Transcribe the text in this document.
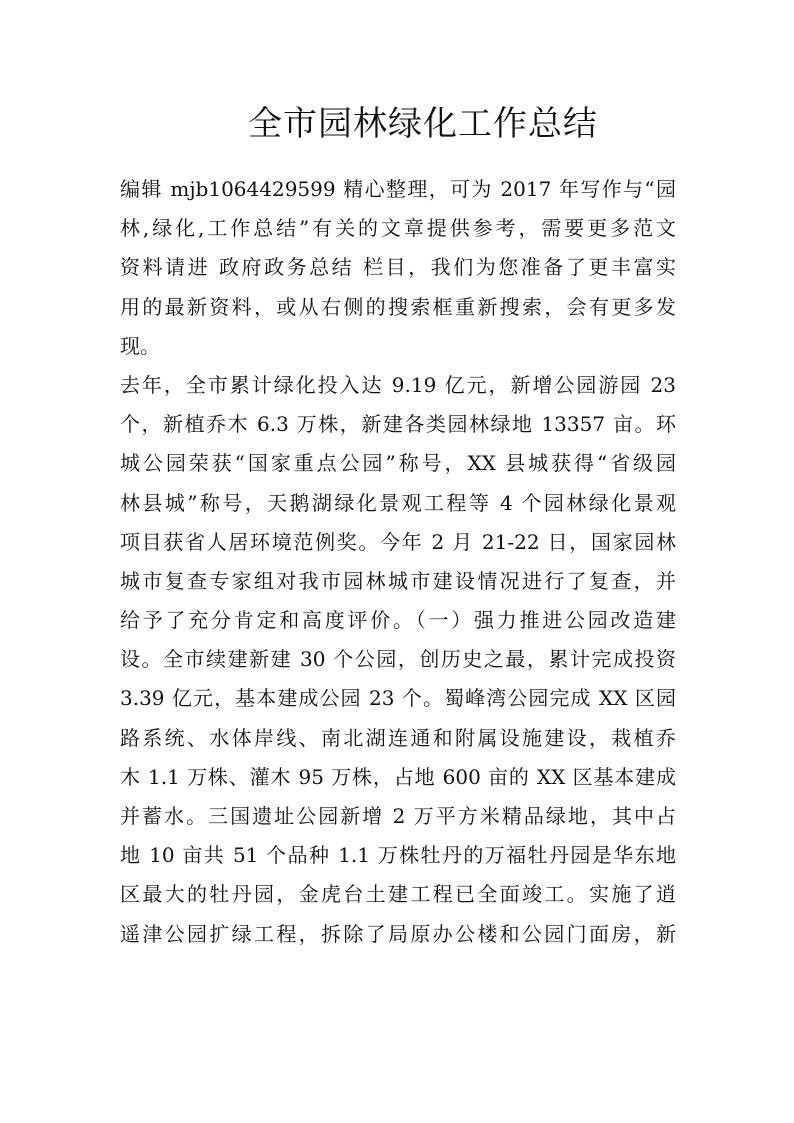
全市园林绿化工作总结
编辑 mjb1064429599 精心整理，可为 2017 年写作与“园
林,绿化,工作总结”有关的文章提供参考，需要更多范文
资料请进 政府政务总结 栏目，我们为您准备了更丰富实
用的最新资料，或从右侧的搜索框重新搜索，会有更多发
现。
去年，全市累计绿化投入达 9.19 亿元，新增公园游园 23
个，新植乔木 6.3 万株，新建各类园林绿地 13357 亩。环
城公园荣获“国家重点公园”称号，XX 县城获得“省级园
林县城”称号，天鹅湖绿化景观工程等 4 个园林绿化景观
项目获省人居环境范例奖。今年 2 月 21-22 日，国家园林
城市复查专家组对我市园林城市建设情况进行了复查，并
给予了充分肯定和高度评价。（一）强力推进公园改造建
设。全市续建新建 30 个公园，创历史之最，累计完成投资
3.39 亿元，基本建成公园 23 个。蜀峰湾公园完成 XX 区园
路系统、水体岸线、南北湖连通和附属设施建设，栽植乔
木 1.1 万株、灌木 95 万株，占地 600 亩的 XX 区基本建成
并蓄水。三国遗址公园新增 2 万平方米精品绿地，其中占
地 10 亩共 51 个品种 1.1 万株牡丹的万福牡丹园是华东地
区最大的牡丹园，金虎台土建工程已全面竣工。实施了逍
遥津公园扩绿工程，拆除了局原办公楼和公园门面房，新
